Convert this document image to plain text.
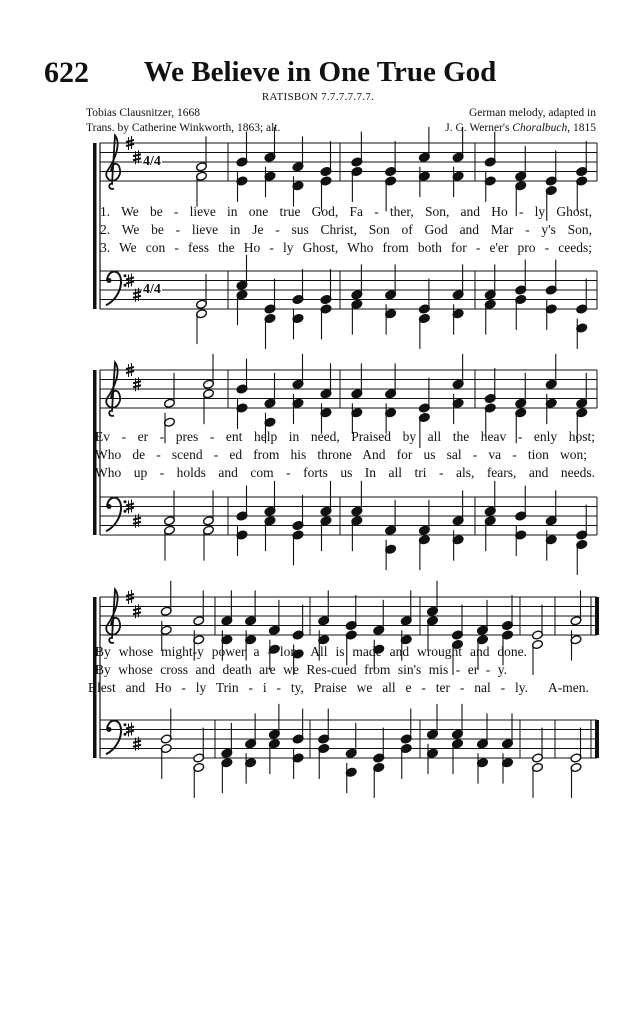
622	We Believe in One True God
RATISBON 7.7.7.7.7.7.
Tobias Clausnitzer, 1668
Trans. by Catherine Winkworth, 1863; alt.
German melody, adapted in
J. G. Werner's Choralbuch, 1815
4/4
4/4
1. We be - lieve in one true God, Fa - ther, Son, and Ho - ly Ghost,
2. We be - lieve in Je - sus Christ, Son of God and Mar - y's Son,
3. We con - fess the Ho - ly Ghost, Who from both for - e'er pro - ceeds;
Ev - er - pres - ent help in need, Praised by all the heav - enly host;
Who de - scend - ed from his throne And for us sal - va - tion won;
Who up - holds and com - forts us In all tri - als, fears, and needs.
By whose might-y power a - lone All is made and wrought and done.
By whose cross and death are we Res-cued from sin's mis - er - y.
Blest and Ho - ly Trin - i - ty, Praise we all e - ter - nal - ly. A-men.
